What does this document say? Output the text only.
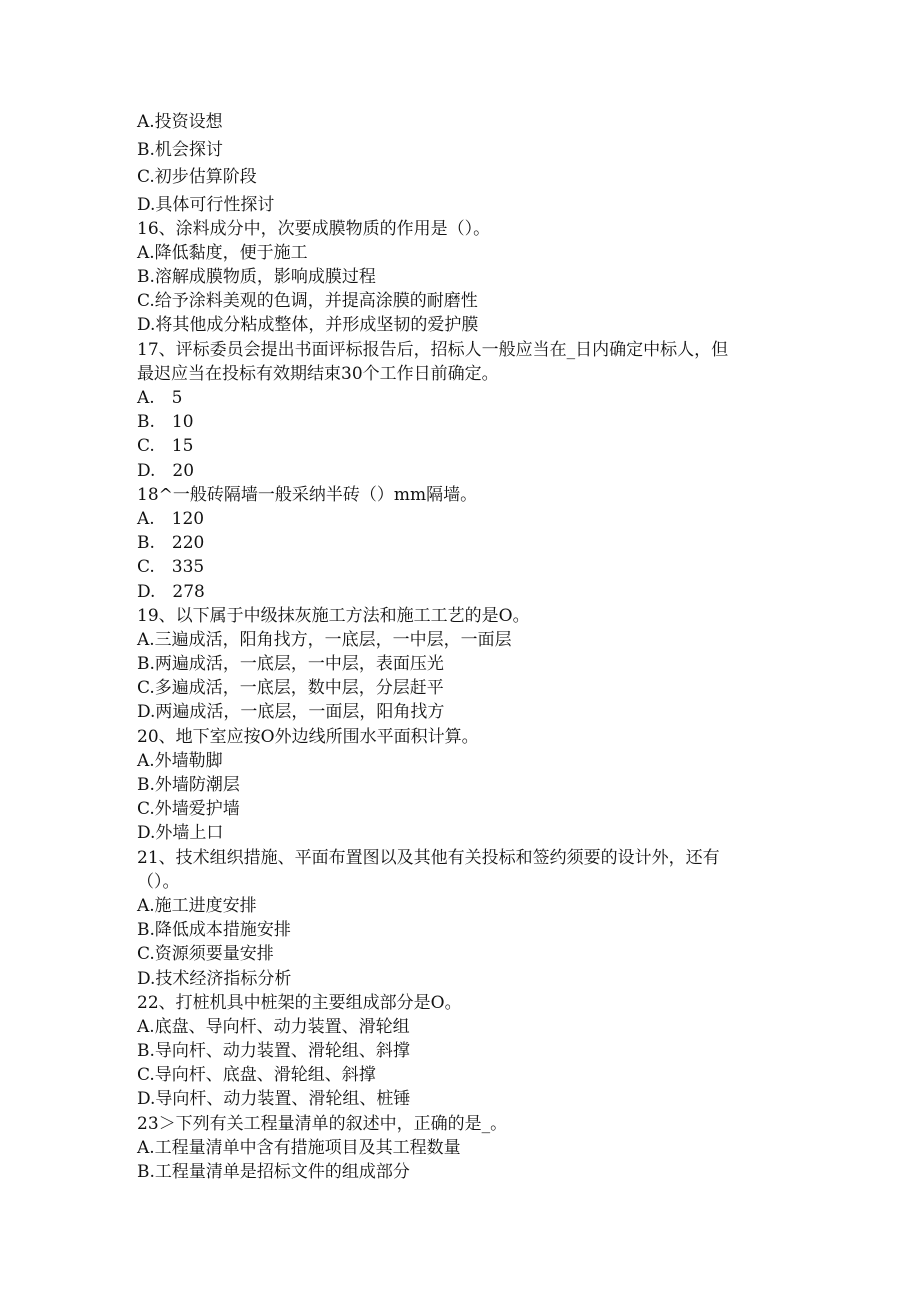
A.投资设想
B.机会探讨
C.初步估算阶段
D.具体可行性探讨
16、涂料成分中，次要成膜物质的作用是（）。
A.降低黏度，便于施工
B.溶解成膜物质，影响成膜过程
C.给予涂料美观的色调，并提高涂膜的耐磨性
D.将其他成分粘成整体，并形成坚韧的爱护膜
17、评标委员会提出书面评标报告后，招标人一般应当在_日内确定中标人，但
最迟应当在投标有效期结束30个工作日前确定。
A.　5
B.　10
C.　15
D.　20
18^一般砖隔墙一般采纳半砖（）mm隔墙。
A.　120
B.　220
C.　335
D.　278
19、以下属于中级抹灰施工方法和施工工艺的是O。
A.三遍成活，阳角找方，一底层，一中层，一面层
B.两遍成活，一底层，一中层，表面压光
C.多遍成活，一底层，数中层，分层赶平
D.两遍成活，一底层，一面层，阳角找方
20、地下室应按O外边线所围水平面积计算。
A.外墙勒脚
B.外墙防潮层
C.外墙爱护墙
D.外墙上口
21、技术组织措施、平面布置图以及其他有关投标和签约须要的设计外，还有
（）。
A.施工进度安排
B.降低成本措施安排
C.资源须要量安排
D.技术经济指标分析
22、打桩机具中桩架的主要组成部分是O。
A.底盘、导向杆、动力装置、滑轮组
B.导向杆、动力装置、滑轮组、斜撑
C.导向杆、底盘、滑轮组、斜撑
D.导向杆、动力装置、滑轮组、桩锤
23＞下列有关工程量清单的叙述中，正确的是_。
A.工程量清单中含有措施项目及其工程数量
B.工程量清单是招标文件的组成部分
